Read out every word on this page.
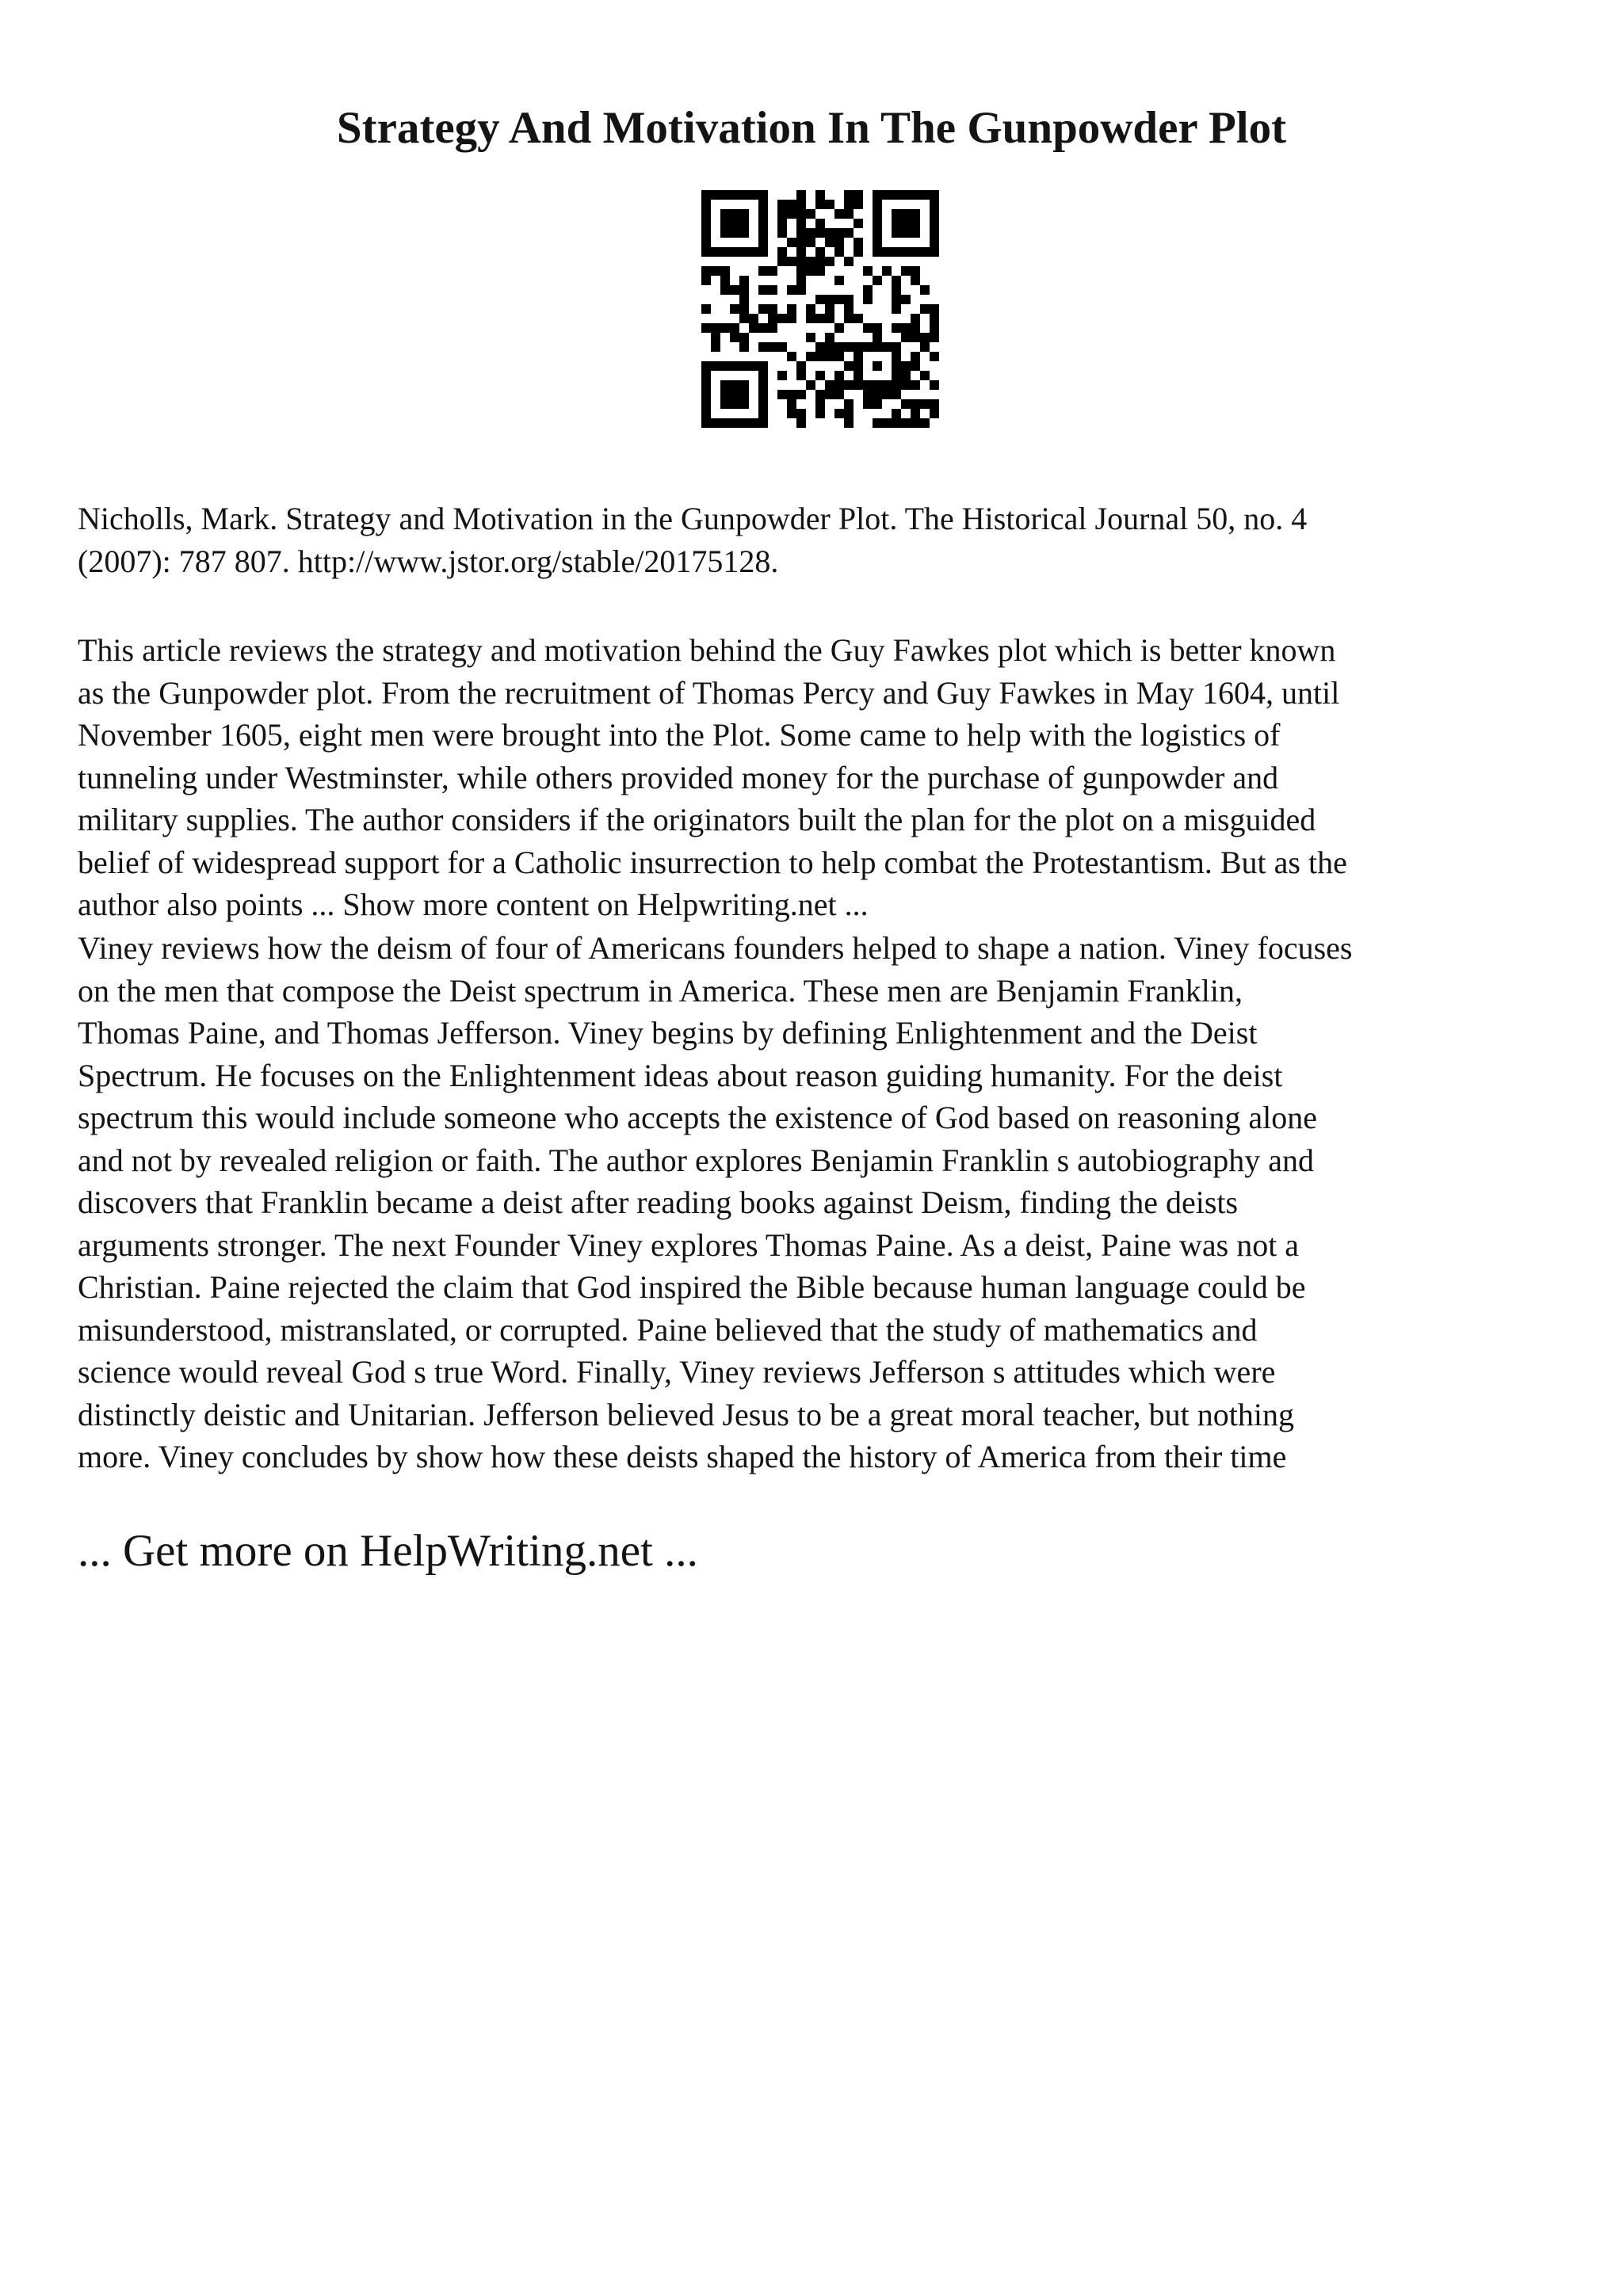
Strategy And Motivation In The Gunpowder Plot

Nicholls, Mark. Strategy and Motivation in the Gunpowder Plot. The Historical Journal 50, no. 4
(2007): 787 807. http://www.jstor.org/stable/20175128.

This article reviews the strategy and motivation behind the Guy Fawkes plot which is better known
as the Gunpowder plot. From the recruitment of Thomas Percy and Guy Fawkes in May 1604, until
November 1605, eight men were brought into the Plot. Some came to help with the logistics of
tunneling under Westminster, while others provided money for the purchase of gunpowder and
military supplies. The author considers if the originators built the plan for the plot on a misguided
belief of widespread support for a Catholic insurrection to help combat the Protestantism. But as the
author also points ... Show more content on Helpwriting.net ...

Viney reviews how the deism of four of Americans founders helped to shape a nation. Viney focuses
on the men that compose the Deist spectrum in America. These men are Benjamin Franklin,
Thomas Paine, and Thomas Jefferson. Viney begins by defining Enlightenment and the Deist
Spectrum. He focuses on the Enlightenment ideas about reason guiding humanity. For the deist
spectrum this would include someone who accepts the existence of God based on reasoning alone
and not by revealed religion or faith. The author explores Benjamin Franklin s autobiography and
discovers that Franklin became a deist after reading books against Deism, finding the deists
arguments stronger. The next Founder Viney explores Thomas Paine. As a deist, Paine was not a
Christian. Paine rejected the claim that God inspired the Bible because human language could be
misunderstood, mistranslated, or corrupted. Paine believed that the study of mathematics and
science would reveal God s true Word. Finally, Viney reviews Jefferson s attitudes which were
distinctly deistic and Unitarian. Jefferson believed Jesus to be a great moral teacher, but nothing
more. Viney concludes by show how these deists shaped the history of America from their time

... Get more on HelpWriting.net ...
